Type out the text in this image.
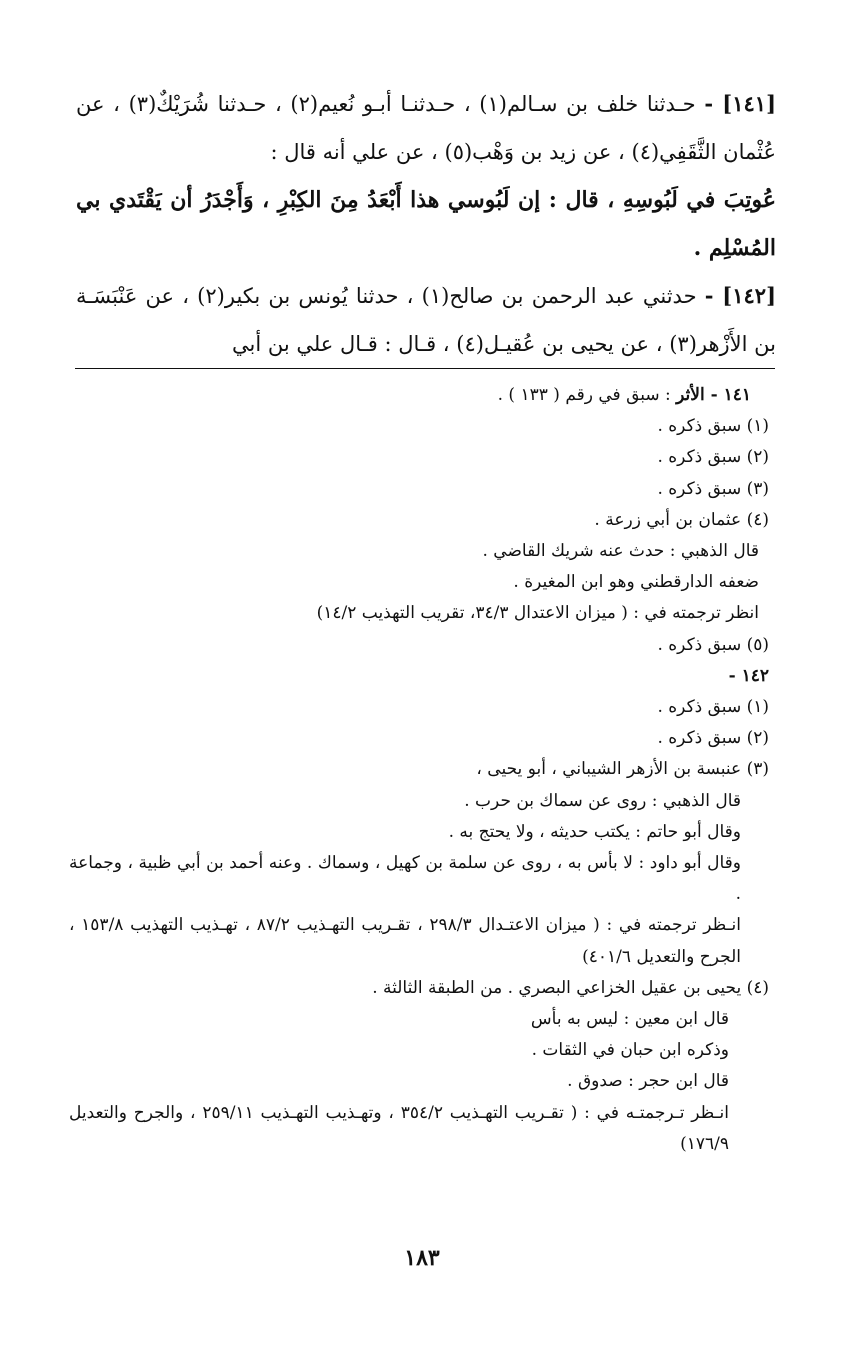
[١٤١] - حـدثنا خلف بن سـالم(١) ، حـدثنـا أبـو نُعيم(٢) ، حـدثنا شُرَيْكٌ(٣) ، عن عُثْمان الثَّقَفِي(٤) ، عن زيد بن وَهْب(٥) ، عن علي أنه قال :

عُوتِبَ في لَبُوسِهِ ، قال : إن لَبُوسي هذا أَبْعَدُ مِنَ الكِبْرِ ، وَأَجْدَرُ أن يَقْتَدي بي المُسْلِم .

[١٤٢] - حدثني عبد الرحمن بن صالح(١) ، حدثنا يُونس بن بكير(٢) ، عن عَنْبَسَـة بن الأَزْهر(٣) ، عن يحيى بن عُقيـل(٤) ، قـال : قـال علي بن أبي

١٤١ - الأثر : سبق في رقم ( ١٣٣ ) .
(١) سبق ذكره .
(٢) سبق ذكره .
(٣) سبق ذكره .
(٤) عثمان بن أبي زرعة .
قال الذهبي : حدث عنه شريك القاضي .
ضعفه الدارقطني وهو ابن المغيرة .
انظر ترجمته في : ( ميزان الاعتدال ٣٤/٣، تقريب التهذيب ١٤/٢)
(٥) سبق ذكره .
١٤٢ -
(١) سبق ذكره .
(٢) سبق ذكره .
(٣) عنبسة بن الأزهر الشيباني ، أبو يحيى ،
قال الذهبي : روى عن سماك بن حرب .
وقال أبو حاتم : يكتب حديثه ، ولا يحتج به .
وقال أبو داود : لا بأس به ، روى عن سلمة بن كهيل ، وسماك . وعنه أحمد بن أبي ظبية ، وجماعة .
انـظر ترجمته في : ( ميزان الاعتـدال ٢٩٨/٣ ، تقـريب التهـذيب ٨٧/٢ ، تهـذيب التهذيب ١٥٣/٨ ، الجرح والتعديل ٤٠١/٦)
(٤) يحيى بن عقيل الخزاعي البصري . من الطبقة الثالثة .
قال ابن معين : ليس به بأس
وذكره ابن حبان في الثقات .
قال ابن حجر : صدوق .
انـظر تـرجمتـه في : ( تقـريب التهـذيب ٣٥٤/٢ ، وتهـذيب التهـذيب ٢٥٩/١١ ، والجرح والتعديل ١٧٦/٩)
١٨٣
